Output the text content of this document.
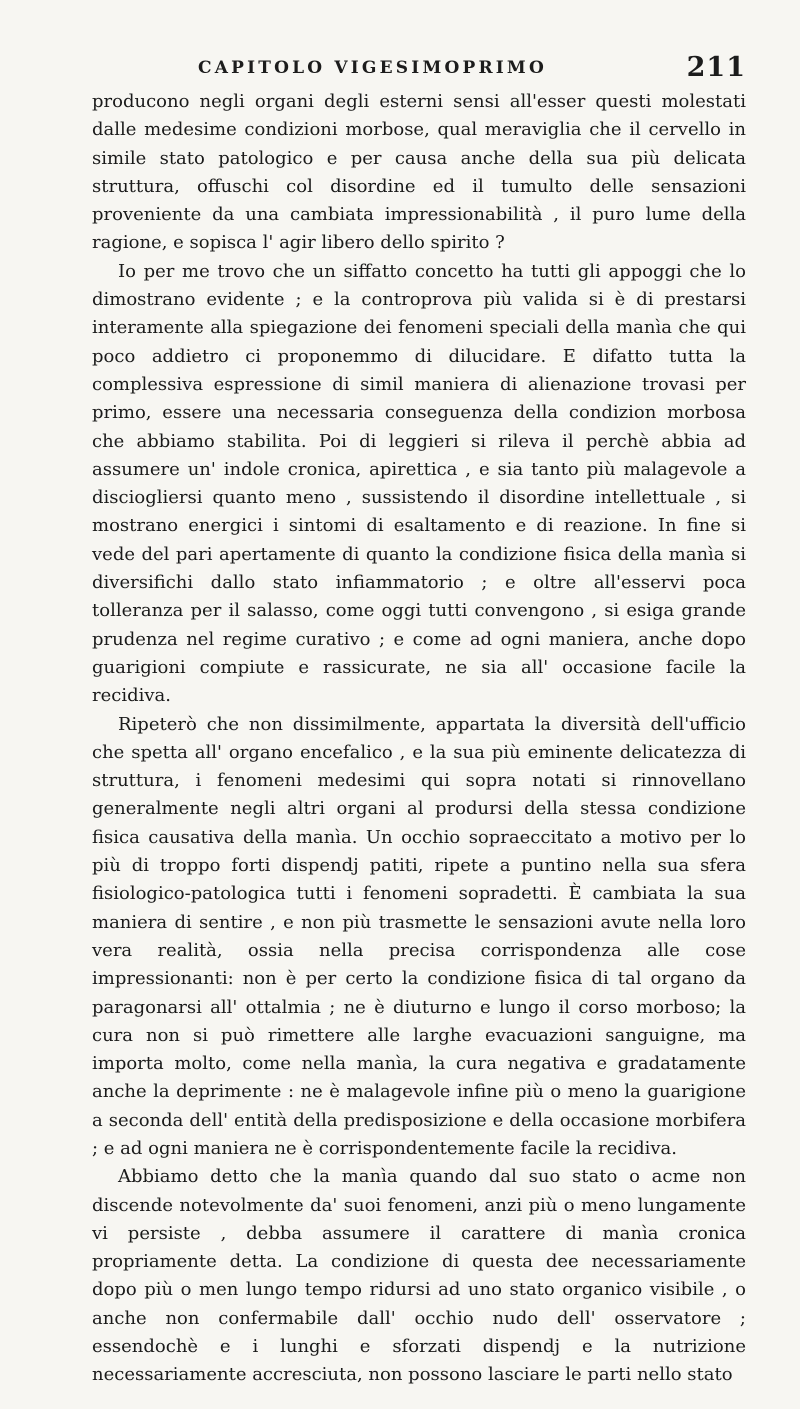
CAPITOLO VIGESIMOPRIMO	211

producono negli organi degli esterni sensi all'esser questi molestati dalle medesime condizioni morbose, qual meraviglia che il cervello in simile stato patologico e per causa anche della sua più delicata struttura, offuschi col disordine ed il tumulto delle sensazioni proveniente da una cambiata impressionabilità , il puro lume della ragione, e sopisca l' agir libero dello spirito ?

Io per me trovo che un siffatto concetto ha tutti gli appoggi che lo dimostrano evidente ; e la controprova più valida si è di prestarsi interamente alla spiegazione dei fenomeni speciali della manìa che qui poco addietro ci proponemmo di dilucidare. E difatto tutta la complessiva espressione di simil maniera di alienazione trovasi per primo, essere una necessaria conseguenza della condizion morbosa che abbiamo stabilita. Poi di leggieri si rileva il perchè abbia ad assumere un' indole cronica, apirettica , e sia tanto più malagevole a disciogliersi quanto meno , sussistendo il disordine intellettuale , si mostrano energici i sintomi di esaltamento e di reazione. In fine si vede del pari apertamente di quanto la condizione fisica della manìa si diversifichi dallo stato infiammatorio ; e oltre all'esservi poca tolleranza per il salasso, come oggi tutti convengono , si esiga grande prudenza nel regime curativo ; e come ad ogni maniera, anche dopo guarigioni compiute e rassicurate, ne sia all' occasione facile la recidiva.

Ripeterò che non dissimilmente, appartata la diversità dell'ufficio che spetta all' organo encefalico , e la sua più eminente delicatezza di struttura, i fenomeni medesimi qui sopra notati si rinnovellano generalmente negli altri organi al prodursi della stessa condizione fisica causativa della manìa. Un occhio sopraeccitato a motivo per lo più di troppo forti dispendj patiti, ripete a puntino nella sua sfera fisiologico-patologica tutti i fenomeni sopradetti. È cambiata la sua maniera di sentire , e non più trasmette le sensazioni avute nella loro vera realità, ossia nella precisa corrispondenza alle cose impressionanti: non è per certo la condizione fisica di tal organo da paragonarsi all' ottalmia ; ne è diuturno e lungo il corso morboso; la cura non si può rimettere alle larghe evacuazioni sanguigne, ma importa molto, come nella manìa, la cura negativa e gradatamente anche la deprimente : ne è malagevole infine più o meno la guarigione a seconda dell' entità della predisposizione e della occasione morbifera ; e ad ogni maniera ne è corrispondentemente facile la recidiva.

Abbiamo detto che la manìa quando dal suo stato o acme non discende notevolmente da' suoi fenomeni, anzi più o meno lungamente vi persiste , debba assumere il carattere di manìa cronica propriamente detta. La condizione di questa dee necessariamente dopo più o men lungo tempo ridursi ad uno stato organico visibile , o anche non confermabile dall' occhio nudo dell' osservatore ; essendochè e i lunghi e sforzati dispendj e la nutrizione necessariamente accresciuta, non possono lasciare le parti nello stato
